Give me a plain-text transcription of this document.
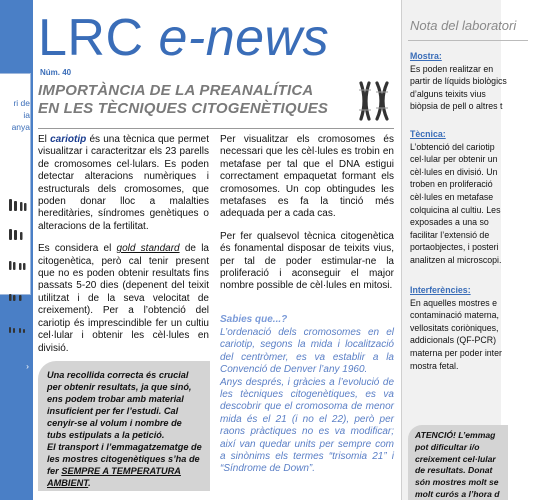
ri de
ia
anya
›
LRC e-news
Núm. 40
IMPORTÀNCIA DE LA PREANALÍTICA
EN LES TÈCNIQUES CITOGENÈTIQUES

El cariotip és una tècnica que permet visualitzar i caracteritzar els 23 parells de cromosomes cel·lulars. Es poden detectar alteracions numèriques i estructurals dels cromosomes, que poden donar lloc a malalties hereditàries, síndromes genètiques o alteracions de la fertilitat.

Es considera el gold standard de la citogenètica, però cal tenir present que no es poden obtenir resultats fins passats 5-20 dies (depenent del teixit utilitzat i de la seva velocitat de creixement). Per a l’obtenció del cariotip és imprescindible fer un cultiu cel·lular i obtenir les cèl·lules en divisió.

Per visualitzar els cromosomes és necessari que les cèl·lules es trobin en metafase per tal que el DNA estigui correctament empaquetat formant els cromosomes. Un cop obtingudes les metafases es fa la tinció més adequada per a cada cas.

Per fer qualsevol tècnica citogenètica és fonamental disposar de teixits vius, per tal de poder estimular-ne la proliferació i aconseguir el major nombre possible de cèl·lules en mitosi.

Sabies que...?
L’ordenació dels cromosomes en el cariotip, segons la mida i localització del centròmer, es va establir a la Convenció de Denver l’any 1960.
Anys després, i gràcies a l’evolució de les tècniques citogenètiques, es va descobrir que el cromosoma de menor mida és el 21 (i no el 22), però per raons pràctiques no es va modificar; així van quedar units per sempre com a sinònims els termes “trisomia 21” i “Síndrome de Down”.
Una recollida correcta és crucial per obtenir resultats, ja que sinó, ens podem trobar amb material insuficient per fer l’estudi. Cal cenyir-se al volum i nombre de tubs estipulats a la petició.
El transport i l’emmagatzematge de les mostres citogenètiques s’ha de fer SEMPRE A TEMPERATURA AMBIENT.
Nota del laboratori
Mostra:
Es poden realitzar en
partir de líquids biològics
d’alguns teixits vius
biòpsia de pell o altres t
Tècnica:
L’obtenció del cariotip
cel·lular per obtenir un
cèl·lules en divisió. Un
troben en proliferació
cèl·lules en metafase
colquicina al cultiu. Les
exposades a una so
facilitar l’extensió de
portaobjectes, i posteri
analitzen al microscopi.
Interferències:
En aquelles mostres e
contaminació materna,
vellositats coriòniques,
addicionals (QF-PCR)
materna per poder inter
mostra fetal.
ATENCIÓ! L’emmag
pot dificultar i/o
creixement cel·lular
de resultats. Donat
són mostres molt se
molt curós a l’hora d
